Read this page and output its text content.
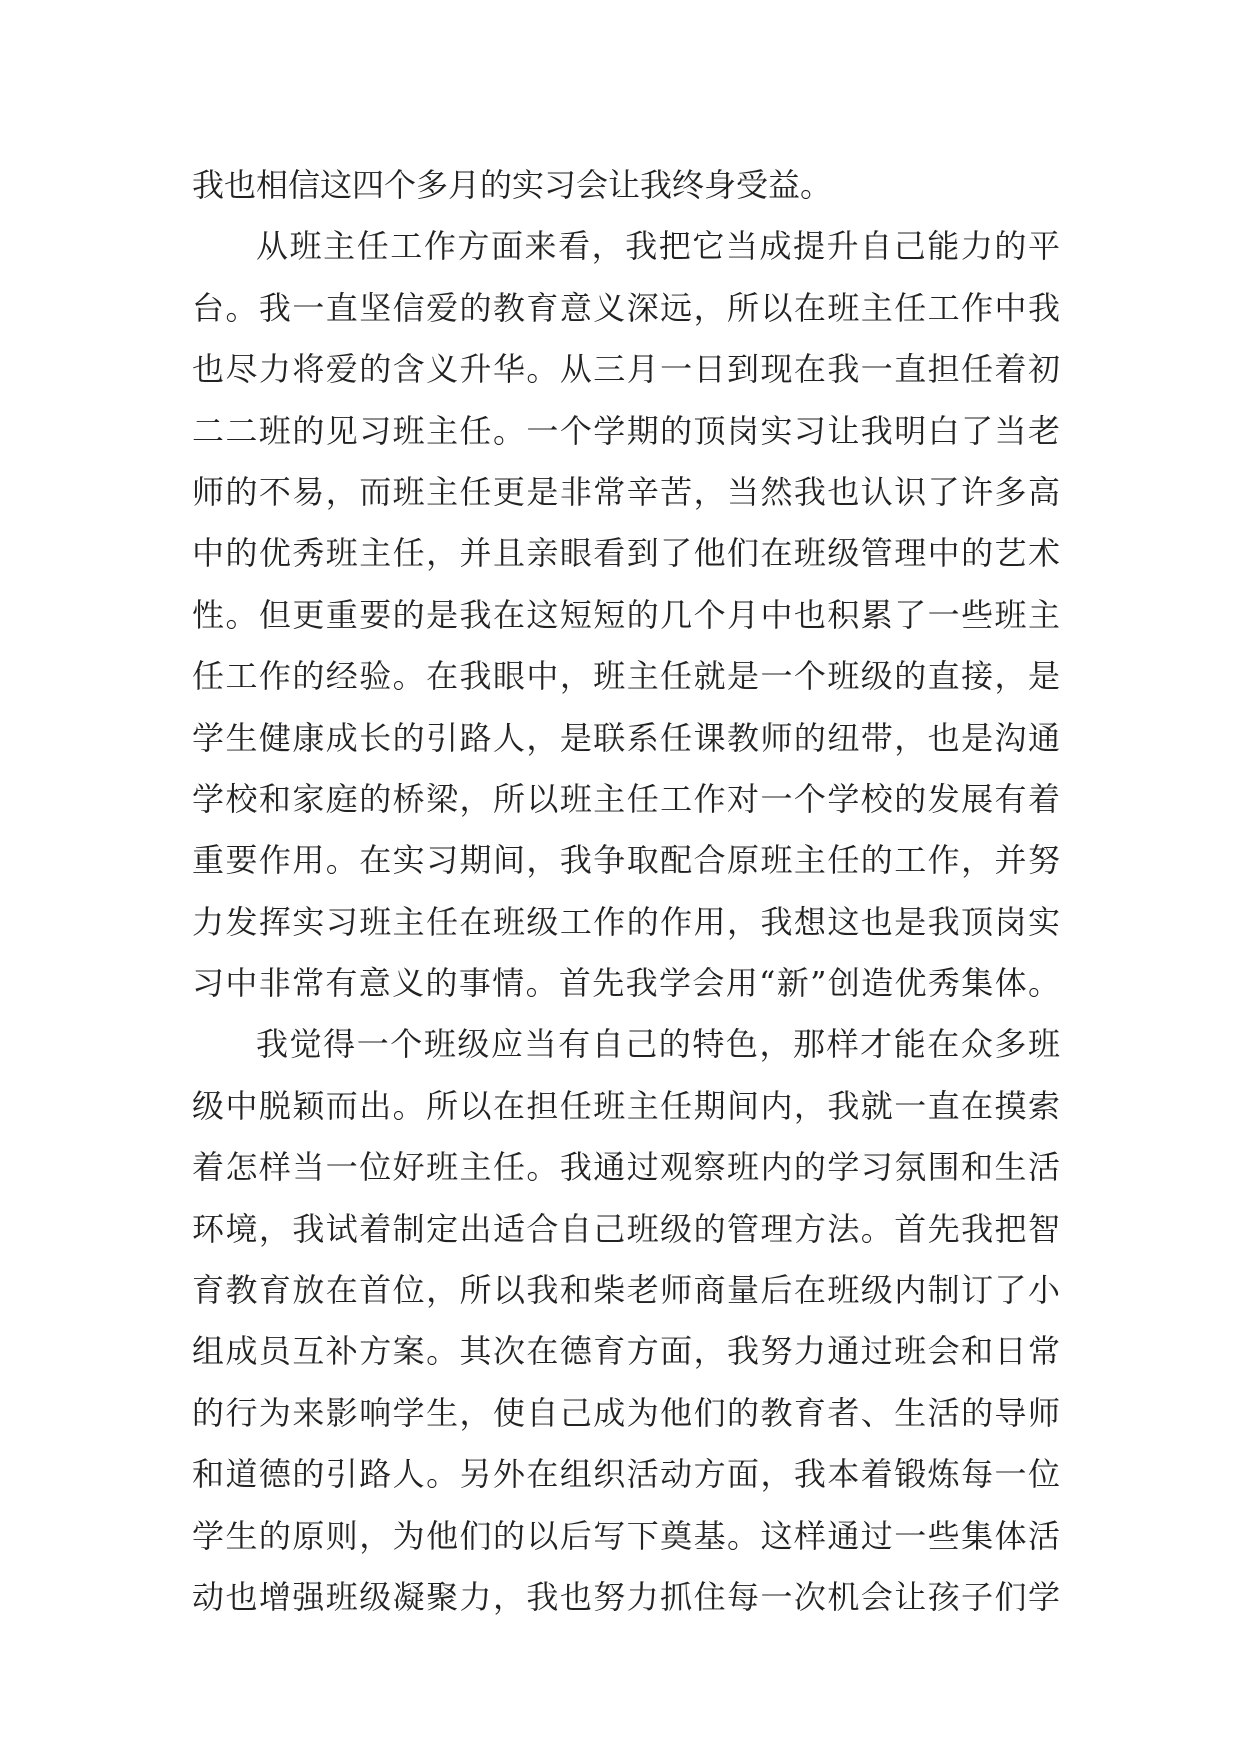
我也相信这四个多月的实习会让我终身受益。
从班主任工作方面来看，我把它当成提升自己能力的平
台。我一直坚信爱的教育意义深远，所以在班主任工作中我
也尽力将爱的含义升华。从三月一日到现在我一直担任着初
二二班的见习班主任。一个学期的顶岗实习让我明白了当老
师的不易，而班主任更是非常辛苦，当然我也认识了许多高
中的优秀班主任，并且亲眼看到了他们在班级管理中的艺术
性。但更重要的是我在这短短的几个月中也积累了一些班主
任工作的经验。在我眼中，班主任就是一个班级的直接，是
学生健康成长的引路人，是联系任课教师的纽带，也是沟通
学校和家庭的桥梁，所以班主任工作对一个学校的发展有着
重要作用。在实习期间，我争取配合原班主任的工作，并努
力发挥实习班主任在班级工作的作用，我想这也是我顶岗实
习中非常有意义的事情。首先我学会用“新”创造优秀集体。
我觉得一个班级应当有自己的特色，那样才能在众多班
级中脱颖而出。所以在担任班主任期间内，我就一直在摸索
着怎样当一位好班主任。我通过观察班内的学习氛围和生活
环境，我试着制定出适合自己班级的管理方法。首先我把智
育教育放在首位，所以我和柴老师商量后在班级内制订了小
组成员互补方案。其次在德育方面，我努力通过班会和日常
的行为来影响学生，使自己成为他们的教育者、生活的导师
和道德的引路人。另外在组织活动方面，我本着锻炼每一位
学生的原则，为他们的以后写下奠基。这样通过一些集体活
动也增强班级凝聚力，我也努力抓住每一次机会让孩子们学
